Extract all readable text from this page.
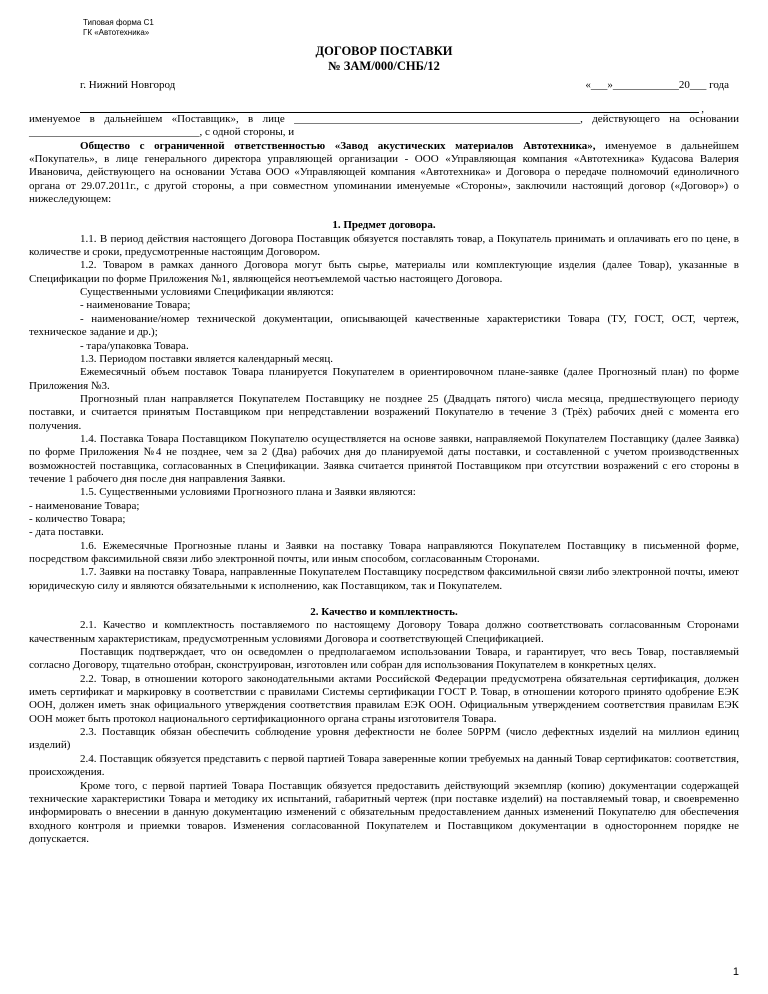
Типовая форма С1
ГК «Автотехника»
ДОГОВОР ПОСТАВКИ
№ ЗАМ/000/СНБ/12
г. Нижний Новгород	«___»____________20___ года
,

именуемое в дальнейшем «Поставщик», в лице ____________________________________________________, действующего на основании _______________________________, с одной стороны, и

Общество с ограниченной ответственностью «Завод акустических материалов Автотехника», именуемое в дальнейшем «Покупатель», в лице генерального директора управляющей организации - ООО «Управляющая компания «Автотехника» Кудасова Валерия Ивановича, действующего на основании Устава ООО «Управляющей компания «Автотехника» и Договора о передаче полномочий единоличного органа от 29.07.2011г., с другой стороны, а при совместном упоминании именуемые «Стороны», заключили настоящий договор («Договор») о нижеследующем:

1. Предмет договора.

1.1. В период действия настоящего Договора Поставщик обязуется поставлять товар, а Покупатель принимать и оплачивать его по цене, в количестве и сроки, предусмотренные настоящим Договором.

1.2. Товаром в рамках данного Договора могут быть сырье, материалы или комплектующие изделия (далее Товар), указанные в Спецификации по форме Приложения №1, являющейся неотъемлемой частью настоящего Договора.

Существенными условиями Спецификации являются:

- наименование Товара;

- наименование/номер технической документации, описывающей качественные характеристики Товара (ТУ, ГОСТ, ОСТ, чертеж, техническое задание и др.);

- тара/упаковка Товара.

1.3. Периодом поставки является календарный месяц.

Ежемесячный объем поставок Товара планируется Покупателем в ориентировочном плане-заявке (далее Прогнозный план) по форме Приложения №3.

Прогнозный план направляется Покупателем Поставщику не позднее 25 (Двадцать пятого) числа месяца, предшествующего периоду поставки, и считается принятым Поставщиком при непредставлении возражений Покупателю в течение 3 (Трёх) рабочих дней с момента его получения.

1.4. Поставка Товара Поставщиком Покупателю осуществляется на основе заявки, направляемой Покупателем Поставщику (далее Заявка) по форме Приложения №4 не позднее, чем за 2 (Два) рабочих дня до планируемой даты поставки, и составленной с учетом производственных возможностей поставщика, согласованных в Спецификации. Заявка считается принятой Поставщиком при отсутствии возражений с его стороны в течение 1 рабочего дня после дня направления Заявки.

1.5. Существенными условиями Прогнозного плана и Заявки являются:

- наименование Товара;

- количество Товара;

- дата поставки.

1.6. Ежемесячные Прогнозные планы и Заявки на поставку Товара направляются Покупателем Поставщику в письменной форме, посредством факсимильной связи либо электронной почты, или иным способом, согласованным Сторонами.

1.7. Заявки на поставку Товара, направленные Покупателем Поставщику посредством факсимильной связи либо электронной почты, имеют юридическую силу и являются обязательными к исполнению, как Поставщиком, так и Покупателем.

2. Качество и комплектность.

2.1. Качество и комплектность поставляемого по настоящему Договору Товара должно соответствовать согласованным Сторонами качественным характеристикам, предусмотренным условиями Договора и соответствующей Спецификацией.

Поставщик подтверждает, что он осведомлен о предполагаемом использовании Товара, и гарантирует, что весь Товар, поставляемый согласно Договору, тщательно отобран, сконструирован, изготовлен или собран для использования Покупателем в конкретных целях.

2.2. Товар, в отношении которого законодательными актами Российской Федерации предусмотрена обязательная сертификация, должен иметь сертификат и маркировку в соответствии с правилами Системы сертификации ГОСТ Р. Товар, в отношении которого принято одобрение ЕЭК ООН, должен иметь знак официального утверждения соответствия правилам ЕЭК ООН. Официальным утверждением соответствия правилам ЕЭК ООН может быть протокол национального сертификационного органа страны изготовителя Товара.

2.3. Поставщик обязан обеспечить соблюдение уровня дефектности не более 50РРМ (число дефектных изделий на миллион единиц изделий)

2.4. Поставщик обязуется представить с первой партией Товара заверенные копии требуемых на данный Товар сертификатов: соответствия, происхождения.

Кроме того, с первой партией Товара Поставщик обязуется предоставить действующий экземпляр (копию) документации содержащей технические характеристики Товара и методику их испытаний, габаритный чертеж (при поставке изделий) на поставляемый товар, и своевременно информировать о внесении в данную документацию изменений с обязательным предоставлением данных изменений Покупателю для обеспечения входного контроля и приемки товаров. Изменения согласованной Покупателем и Поставщиком документации в одностороннем порядке не допускается.

1
